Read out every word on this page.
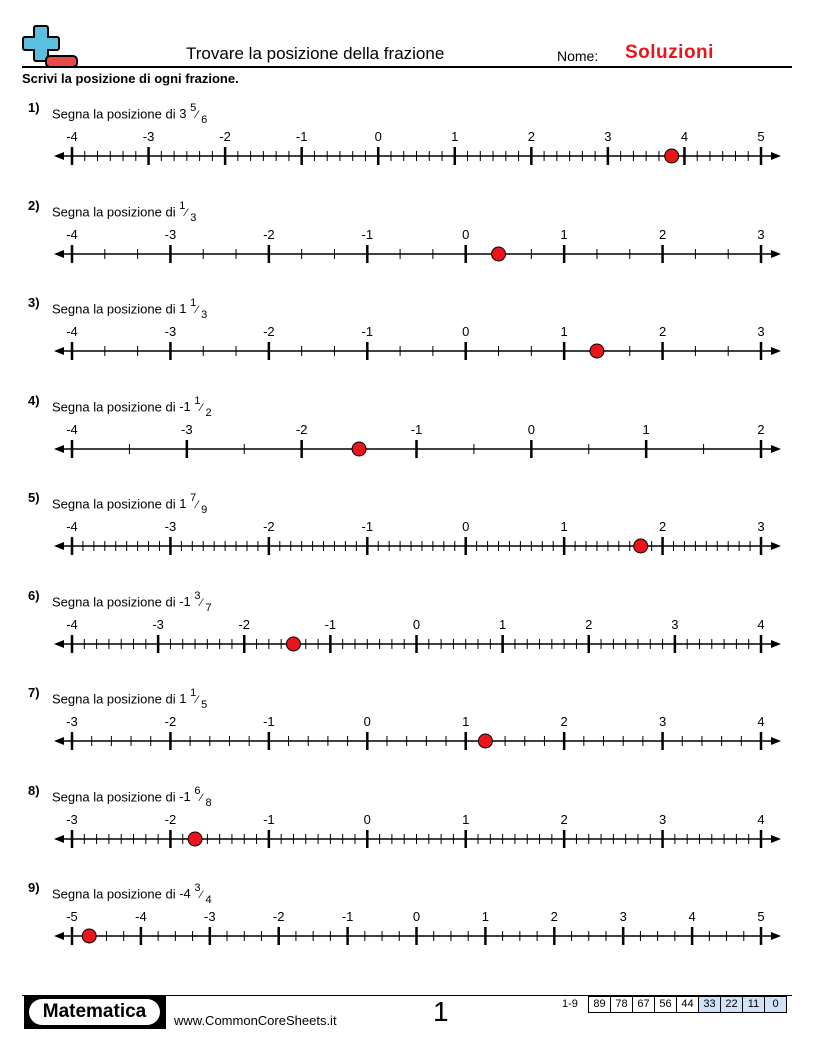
Trovare la posizione della frazione	Nome: Soluzioni
Scrivi la posizione di ogni frazione.
1) Segna la posizione di 3 $^5$⁄ $_6$
-4	-3	-2	-1	0	1	2	3	4	5
2) Segna la posizione di $^1$⁄ $_3$
-4	-3	-2	-1	0	1	2	3
3) Segna la posizione di 1 $^1$⁄ $_3$
-4	-3	-2	-1	0	1	2	3
4) Segna la posizione di -1 $^1$⁄ $_2$
-4	-3	-2	-1	0	1	2
5) Segna la posizione di 1 $^7$⁄ $_9$
-4	-3	-2	-1	0	1	2	3
6) Segna la posizione di -1 $^3$⁄ $_7$
-4	-3	-2	-1	0	1	2	3	4
7) Segna la posizione di 1 $^1$⁄ $_5$
-3	-2	-1	0	1	2	3	4
8) Segna la posizione di -1 $^6$⁄ $_8$
-3	-2	-1	0	1	2	3	4
9) Segna la posizione di -4 $^3$⁄ $_4$
-5	-4	-3	-2	-1	0	1	2	3	4	5
Matematica	www.CommonCoreSheets.it	1	1-9	89 78 67 56 44 33 22 11	0
